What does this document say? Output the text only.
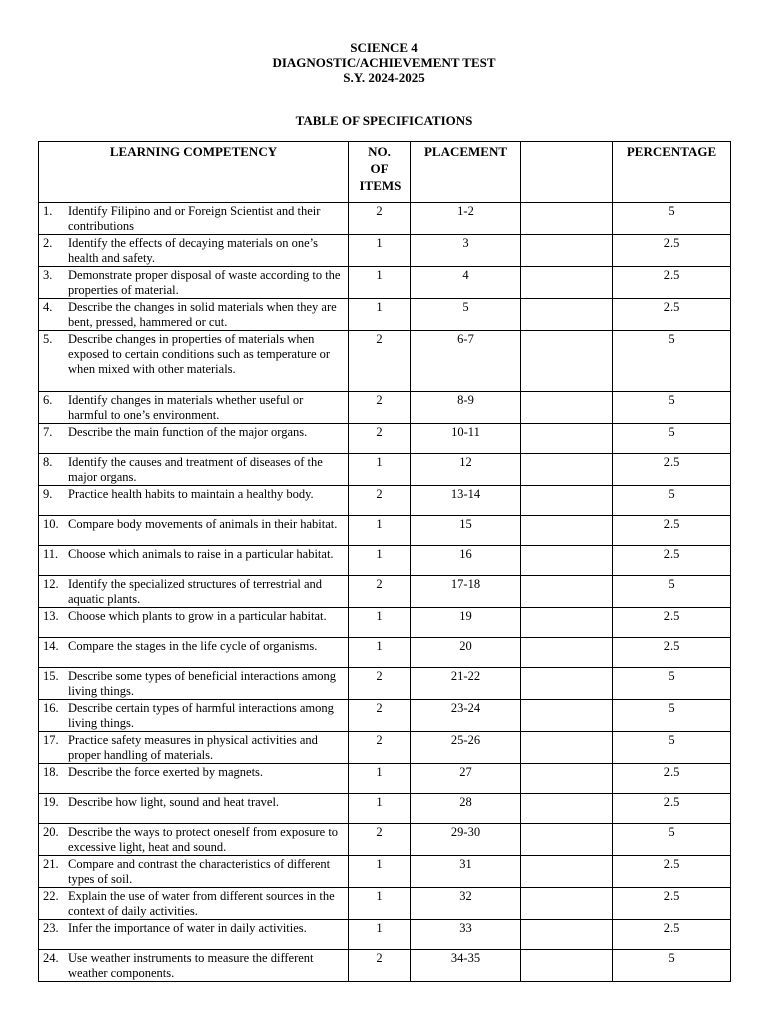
SCIENCE 4
DIAGNOSTIC/ACHIEVEMENT TEST
S.Y. 2024-2025
TABLE OF SPECIFICATIONS
LEARNING COMPETENCY	NO. OF ITEMS	PLACEMENT		PERCENTAGE

1. Identify Filipino and or Foreign Scientist and their contributions	2	1-2		5

2. Identify the effects of decaying materials on one’s health and safety.	1	3		2.5

3. Demonstrate proper disposal of waste according to the properties of material.	1	4		2.5

4. Describe the changes in solid materials when they are bent, pressed, hammered or cut.	1	5		2.5

5. Describe changes in properties of materials when exposed to certain conditions such as temperature or when mixed with other materials.	2	6-7		5

6. Identify changes in materials whether useful or harmful to one’s environment.	2	8-9		5

7. Describe the main function of the major organs.	2	10-11		5

8. Identify the causes and treatment of diseases of the major organs.	1	12		2.5

9. Practice health habits to maintain a healthy body.	2	13-14		5

10. Compare body movements of animals in their habitat.	1	15		2.5

11. Choose which animals to raise in a particular habitat.	1	16		2.5

12. Identify the specialized structures of terrestrial and aquatic plants.	2	17-18		5

13. Choose which plants to grow in a particular habitat.	1	19		2.5

14. Compare the stages in the life cycle of organisms.	1	20		2.5

15. Describe some types of beneficial interactions among living things.	2	21-22		5

16. Describe certain types of harmful interactions among living things.	2	23-24		5

17. Practice safety measures in physical activities and proper handling of materials.	2	25-26		5

18. Describe the force exerted by magnets.	1	27		2.5

19. Describe how light, sound and heat travel.	1	28		2.5

20. Describe the ways to protect oneself from exposure to excessive light, heat and sound.	2	29-30		5

21. Compare and contrast the characteristics of different types of soil.	1	31		2.5

22. Explain the use of water from different sources in the context of daily activities.	1	32		2.5

23. Infer the importance of water in daily activities.	1	33		2.5

24. Use weather instruments to measure the different weather components.	2	34-35		5
